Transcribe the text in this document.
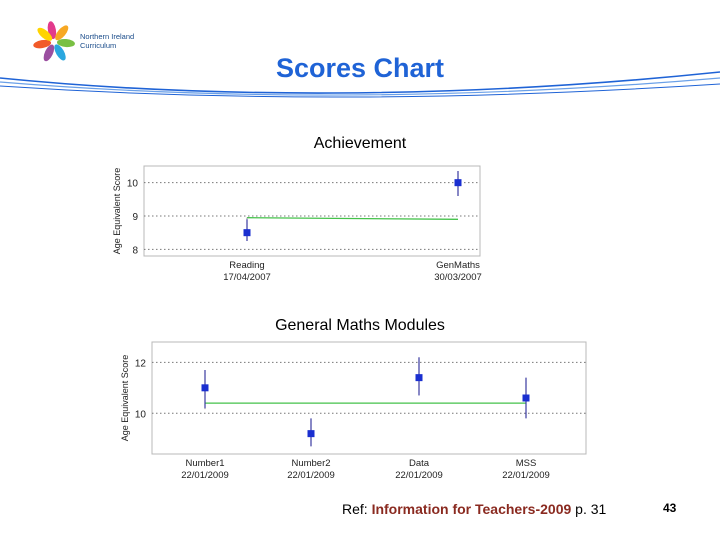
Northern Ireland
Curriculum
Scores Chart
Achievement
Age Equivalent Score 8
9
10
Reading
17/04/2007
GenMaths
30/03/2007
General Maths Modules
Age Equivalent Score 10
12
Number1
22/01/2009
Number2
22/01/2009
Data
22/01/2009
MSS
22/01/2009
Ref: Information for Teachers-2009 p. 31	43
